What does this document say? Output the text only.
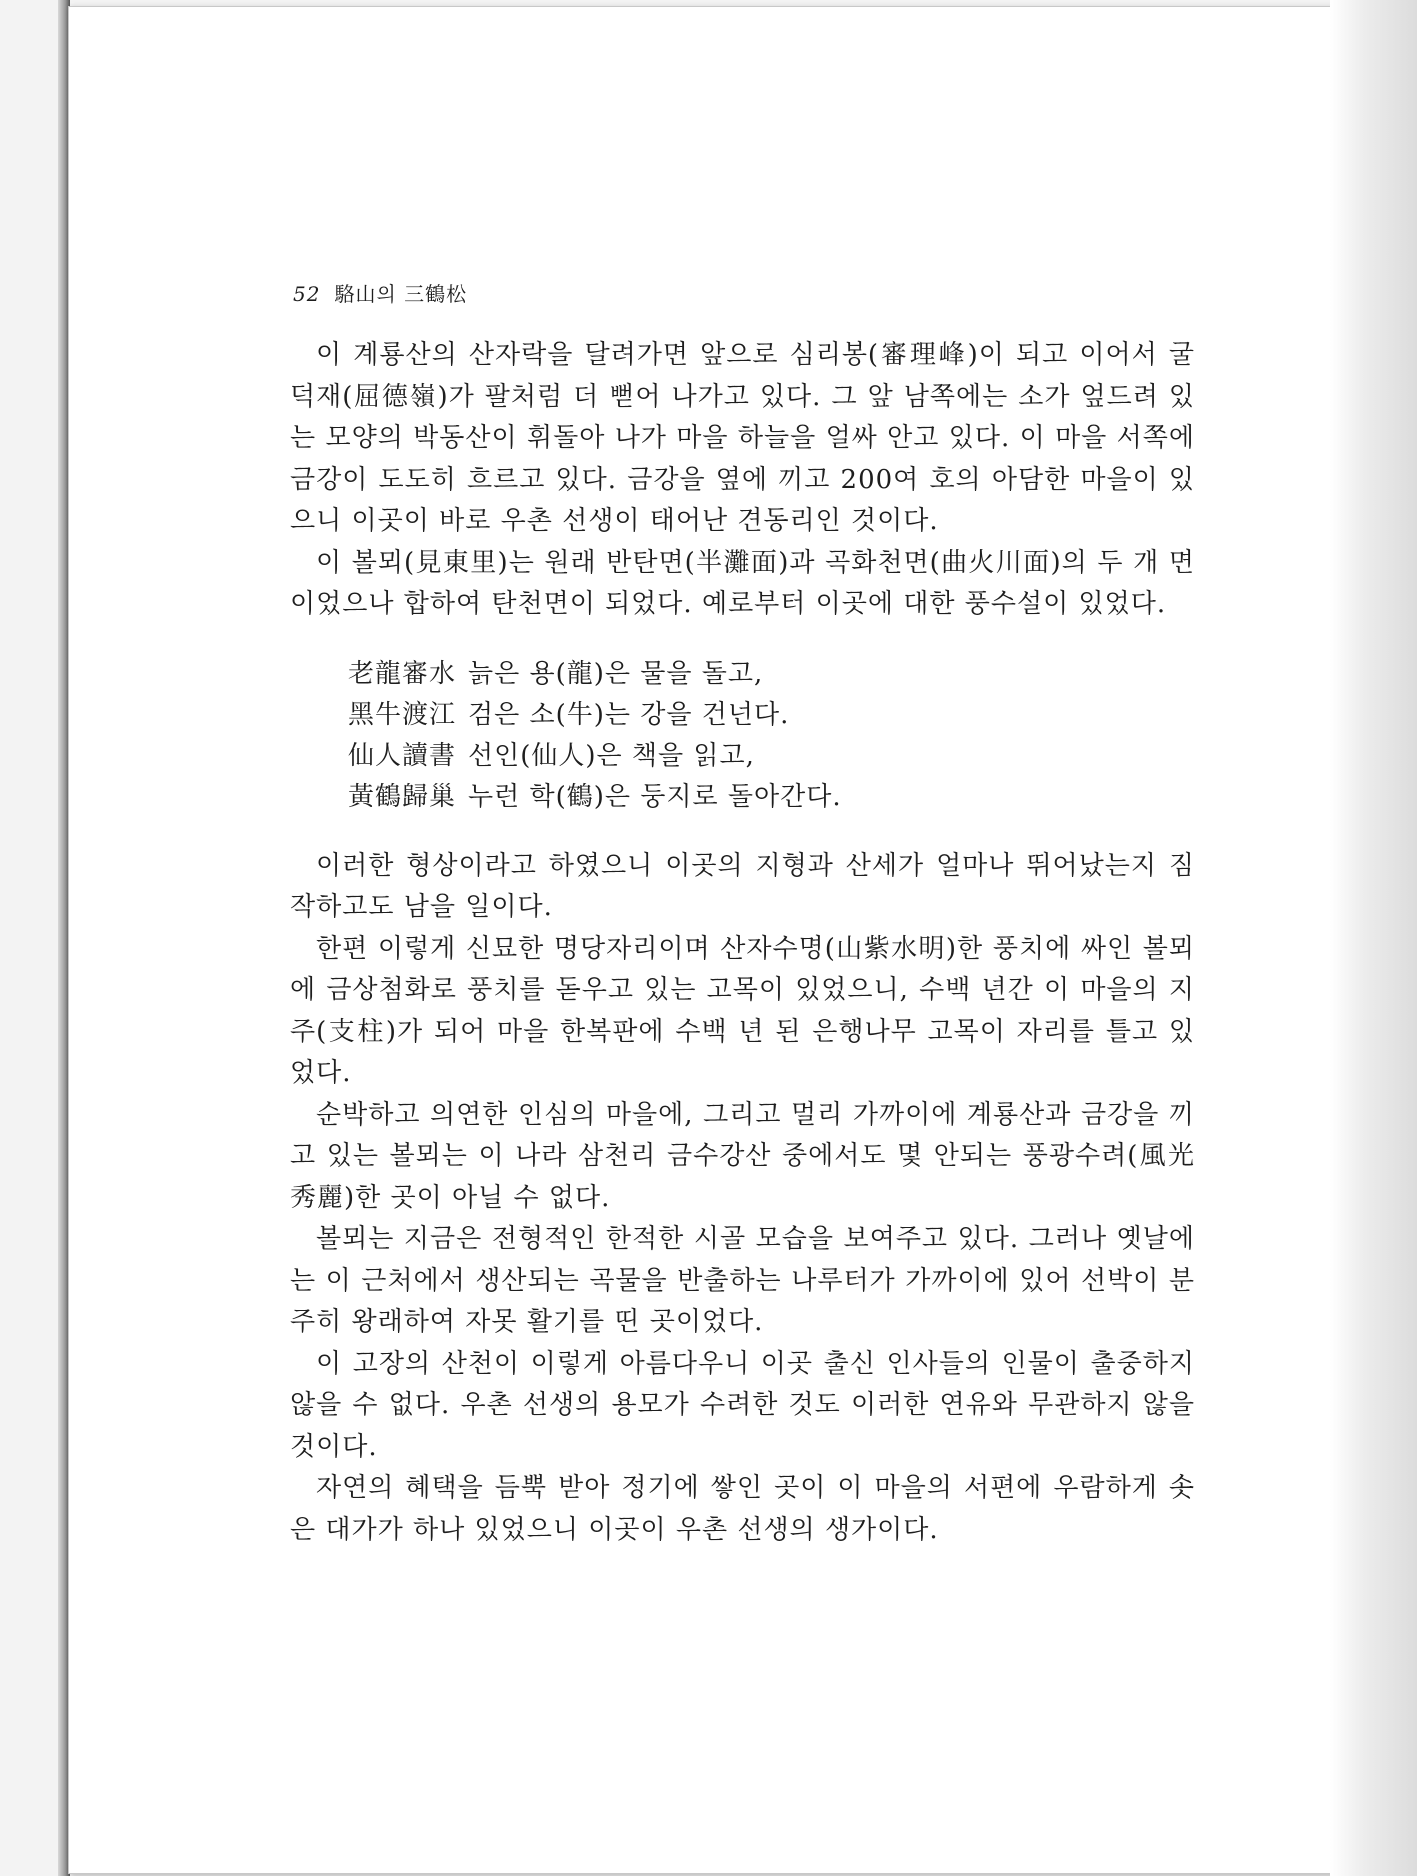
52 駱山의 三鶴松

이 계룡산의 산자락을 달려가면 앞으로 심리봉(審理峰)이 되고 이어서 굴덕재(屈德嶺)가 팔처럼 더 뻗어 나가고 있다. 그 앞 남쪽에는 소가 엎드려 있는 모양의 박동산이 휘돌아 나가 마을 하늘을 얼싸 안고 있다. 이 마을 서쪽에 금강이 도도히 흐르고 있다. 금강을 옆에 끼고 200여 호의 아담한 마을이 있으니 이곳이 바로 우촌 선생이 태어난 견동리인 것이다.

이 볼뫼(見東里)는 원래 반탄면(半灘面)과 곡화천면(曲火川面)의 두 개 면이었으나 합하여 탄천면이 되었다. 예로부터 이곳에 대한 풍수설이 있었다.

老龍審水 늙은 용(龍)은 물을 돌고,
黑牛渡江 검은 소(牛)는 강을 건넌다.
仙人讀書 선인(仙人)은 책을 읽고,
黃鶴歸巢 누런 학(鶴)은 둥지로 돌아간다.

이러한 형상이라고 하였으니 이곳의 지형과 산세가 얼마나 뛰어났는지 짐작하고도 남을 일이다.

한편 이렇게 신묘한 명당자리이며 산자수명(山紫水明)한 풍치에 싸인 볼뫼에 금상첨화로 풍치를 돋우고 있는 고목이 있었으니, 수백 년간 이 마을의 지주(支柱)가 되어 마을 한복판에 수백 년 된 은행나무 고목이 자리를 틀고 있었다.

순박하고 의연한 인심의 마을에, 그리고 멀리 가까이에 계룡산과 금강을 끼고 있는 볼뫼는 이 나라 삼천리 금수강산 중에서도 몇 안되는 풍광수려(風光秀麗)한 곳이 아닐 수 없다.

볼뫼는 지금은 전형적인 한적한 시골 모습을 보여주고 있다. 그러나 옛날에는 이 근처에서 생산되는 곡물을 반출하는 나루터가 가까이에 있어 선박이 분주히 왕래하여 자못 활기를 띤 곳이었다.

이 고장의 산천이 이렇게 아름다우니 이곳 출신 인사들의 인물이 출중하지 않을 수 없다. 우촌 선생의 용모가 수려한 것도 이러한 연유와 무관하지 않을 것이다.

자연의 혜택을 듬뿍 받아 정기에 쌓인 곳이 이 마을의 서편에 우람하게 솟은 대가가 하나 있었으니 이곳이 우촌 선생의 생가이다.
